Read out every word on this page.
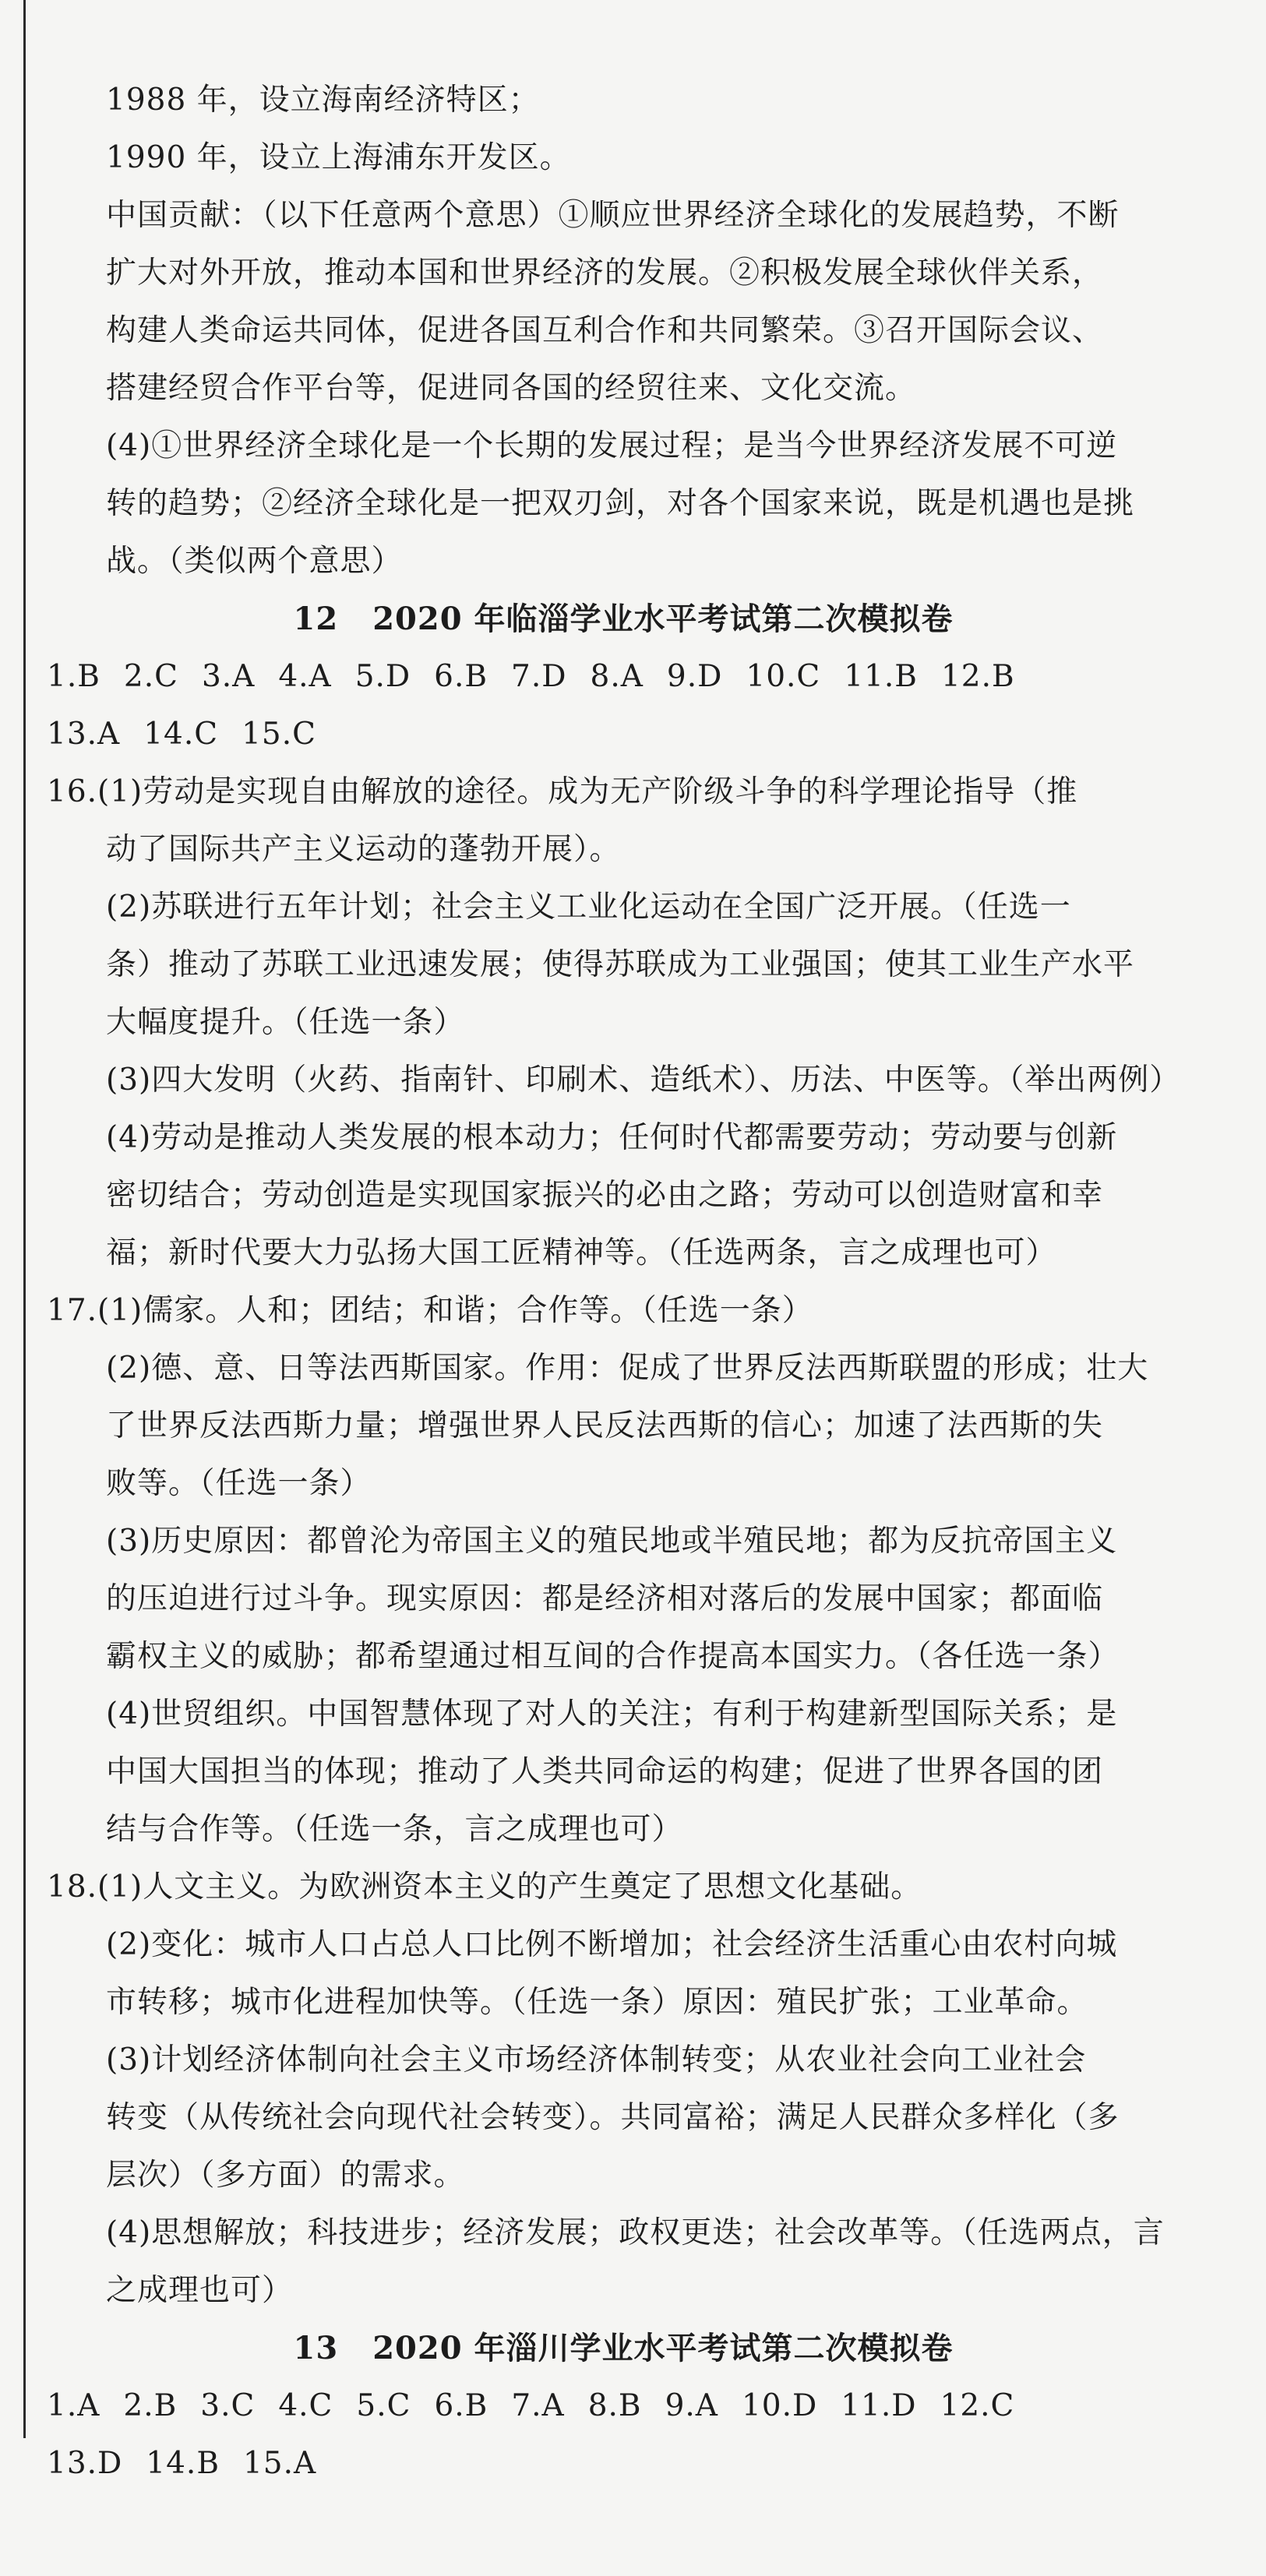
1988 年，设立海南经济特区；
1990 年，设立上海浦东开发区。
中国贡献：（以下任意两个意思）①顺应世界经济全球化的发展趋势，不断
扩大对外开放，推动本国和世界经济的发展。②积极发展全球伙伴关系，
构建人类命运共同体，促进各国互利合作和共同繁荣。③召开国际会议、
搭建经贸合作平台等，促进同各国的经贸往来、文化交流。
(4)①世界经济全球化是一个长期的发展过程；是当今世界经济发展不可逆
转的趋势；②经济全球化是一把双刃剑，对各个国家来说，既是机遇也是挑
战。（类似两个意思）
12 2020 年临淄学业水平考试第二次模拟卷
1.B 2.C 3.A 4.A 5.D 6.B 7.D 8.A 9.D 10.C 11.B 12.B
13.A 14.C 15.C
16.(1)劳动是实现自由解放的途径。成为无产阶级斗争的科学理论指导（推
动了国际共产主义运动的蓬勃开展）。
(2)苏联进行五年计划；社会主义工业化运动在全国广泛开展。（任选一
条）推动了苏联工业迅速发展；使得苏联成为工业强国；使其工业生产水平
大幅度提升。（任选一条）
(3)四大发明（火药、指南针、印刷术、造纸术）、历法、中医等。（举出两例）
(4)劳动是推动人类发展的根本动力；任何时代都需要劳动；劳动要与创新
密切结合；劳动创造是实现国家振兴的必由之路；劳动可以创造财富和幸
福；新时代要大力弘扬大国工匠精神等。（任选两条，言之成理也可）
17.(1)儒家。人和；团结；和谐；合作等。（任选一条）
(2)德、意、日等法西斯国家。作用：促成了世界反法西斯联盟的形成；壮大
了世界反法西斯力量；增强世界人民反法西斯的信心；加速了法西斯的失
败等。（任选一条）
(3)历史原因：都曾沦为帝国主义的殖民地或半殖民地；都为反抗帝国主义
的压迫进行过斗争。现实原因：都是经济相对落后的发展中国家；都面临
霸权主义的威胁；都希望通过相互间的合作提高本国实力。（各任选一条）
(4)世贸组织。中国智慧体现了对人的关注；有利于构建新型国际关系；是
中国大国担当的体现；推动了人类共同命运的构建；促进了世界各国的团
结与合作等。（任选一条，言之成理也可）
18.(1)人文主义。为欧洲资本主义的产生奠定了思想文化基础。
(2)变化：城市人口占总人口比例不断增加；社会经济生活重心由农村向城
市转移；城市化进程加快等。（任选一条）原因：殖民扩张；工业革命。
(3)计划经济体制向社会主义市场经济体制转变；从农业社会向工业社会
转变（从传统社会向现代社会转变）。共同富裕；满足人民群众多样化（多
层次）（多方面）的需求。
(4)思想解放；科技进步；经济发展；政权更迭；社会改革等。（任选两点，言
之成理也可）
13 2020 年淄川学业水平考试第二次模拟卷
1.A 2.B 3.C 4.C 5.C 6.B 7.A 8.B 9.A 10.D 11.D 12.C
13.D 14.B 15.A
